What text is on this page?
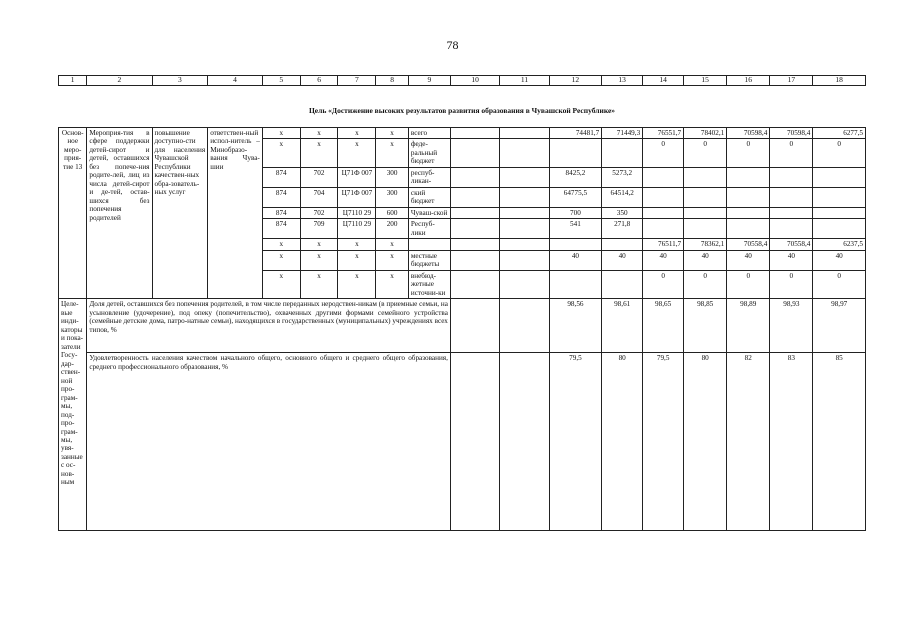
78
1	2	3	4	5	6	7	8	9	10	11	12	13	14	15	16	17	18
Цель «Достижение высоких результатов развития образования в Чувашской Республике»																	
Основ-ное меро-прия-тие 13	Мероприя-тия в сфере поддержки детей-сирот и детей, оставшихся без попече-ния родите-лей, лиц из числа детей-сирот и де-тей, остав-шихся без попечения родителей	повышение доступно-сти для населения Чувашской Республики качествен-ных обра-зователь-ных услуг	ответствен-ный испол-нитель – Минобразо-вания Чува-шии	x	x	x	x	всего			74481,7	71449,3	76551,7	78402,1	70598,4	70598,4	6277,5
				x	x	x	x	феде-ральный бюджет					0	0	0	0	0
				874	702	Ц71Ф 007	300	респуб-ликан-			8425,2	5273,2					
				874	704	Ц71Ф 007	300	ский бюджет			64775,5	64514,2					
				874	702	Ц7110 29	600	Чуваш-ской			700	350					
				874	709	Ц7110 29	200	Респуб-лики			541	271,8					
				x	x	x	x						76511,7	78362,1	70558,4	70558,4	6237,5
				x	x	x	x	местные бюджеты			40	40	40	40	40	40	40
				x	x	x	x	внебюд-жетные источни-ки					0	0	0	0	0
Целе-вые инди-каторы и пока-затели Госу-дар-ствен-ной про-грам-мы, под-про-грам-мы, увя-занные с ос-нов-ным	Доля детей, оставшихся без попечения родителей, в том числе переданных неродствен-никам (в приемные семьи, на усыновление (удочерение), под опеку (попечительство), охваченных другими формами семейного устройства (семейные детские дома, патро-натные семьи), находящихся в государственных (муниципальных) учреждениях всех типов, %										98,56	98,61	98,65	98,85	98,89	98,93	98,97
	Удовлетворенность населения качеством начального общего, основного общего и среднего общего образования, среднего профессионального образования, %										79,5	80	79,5	80	82	83	85
